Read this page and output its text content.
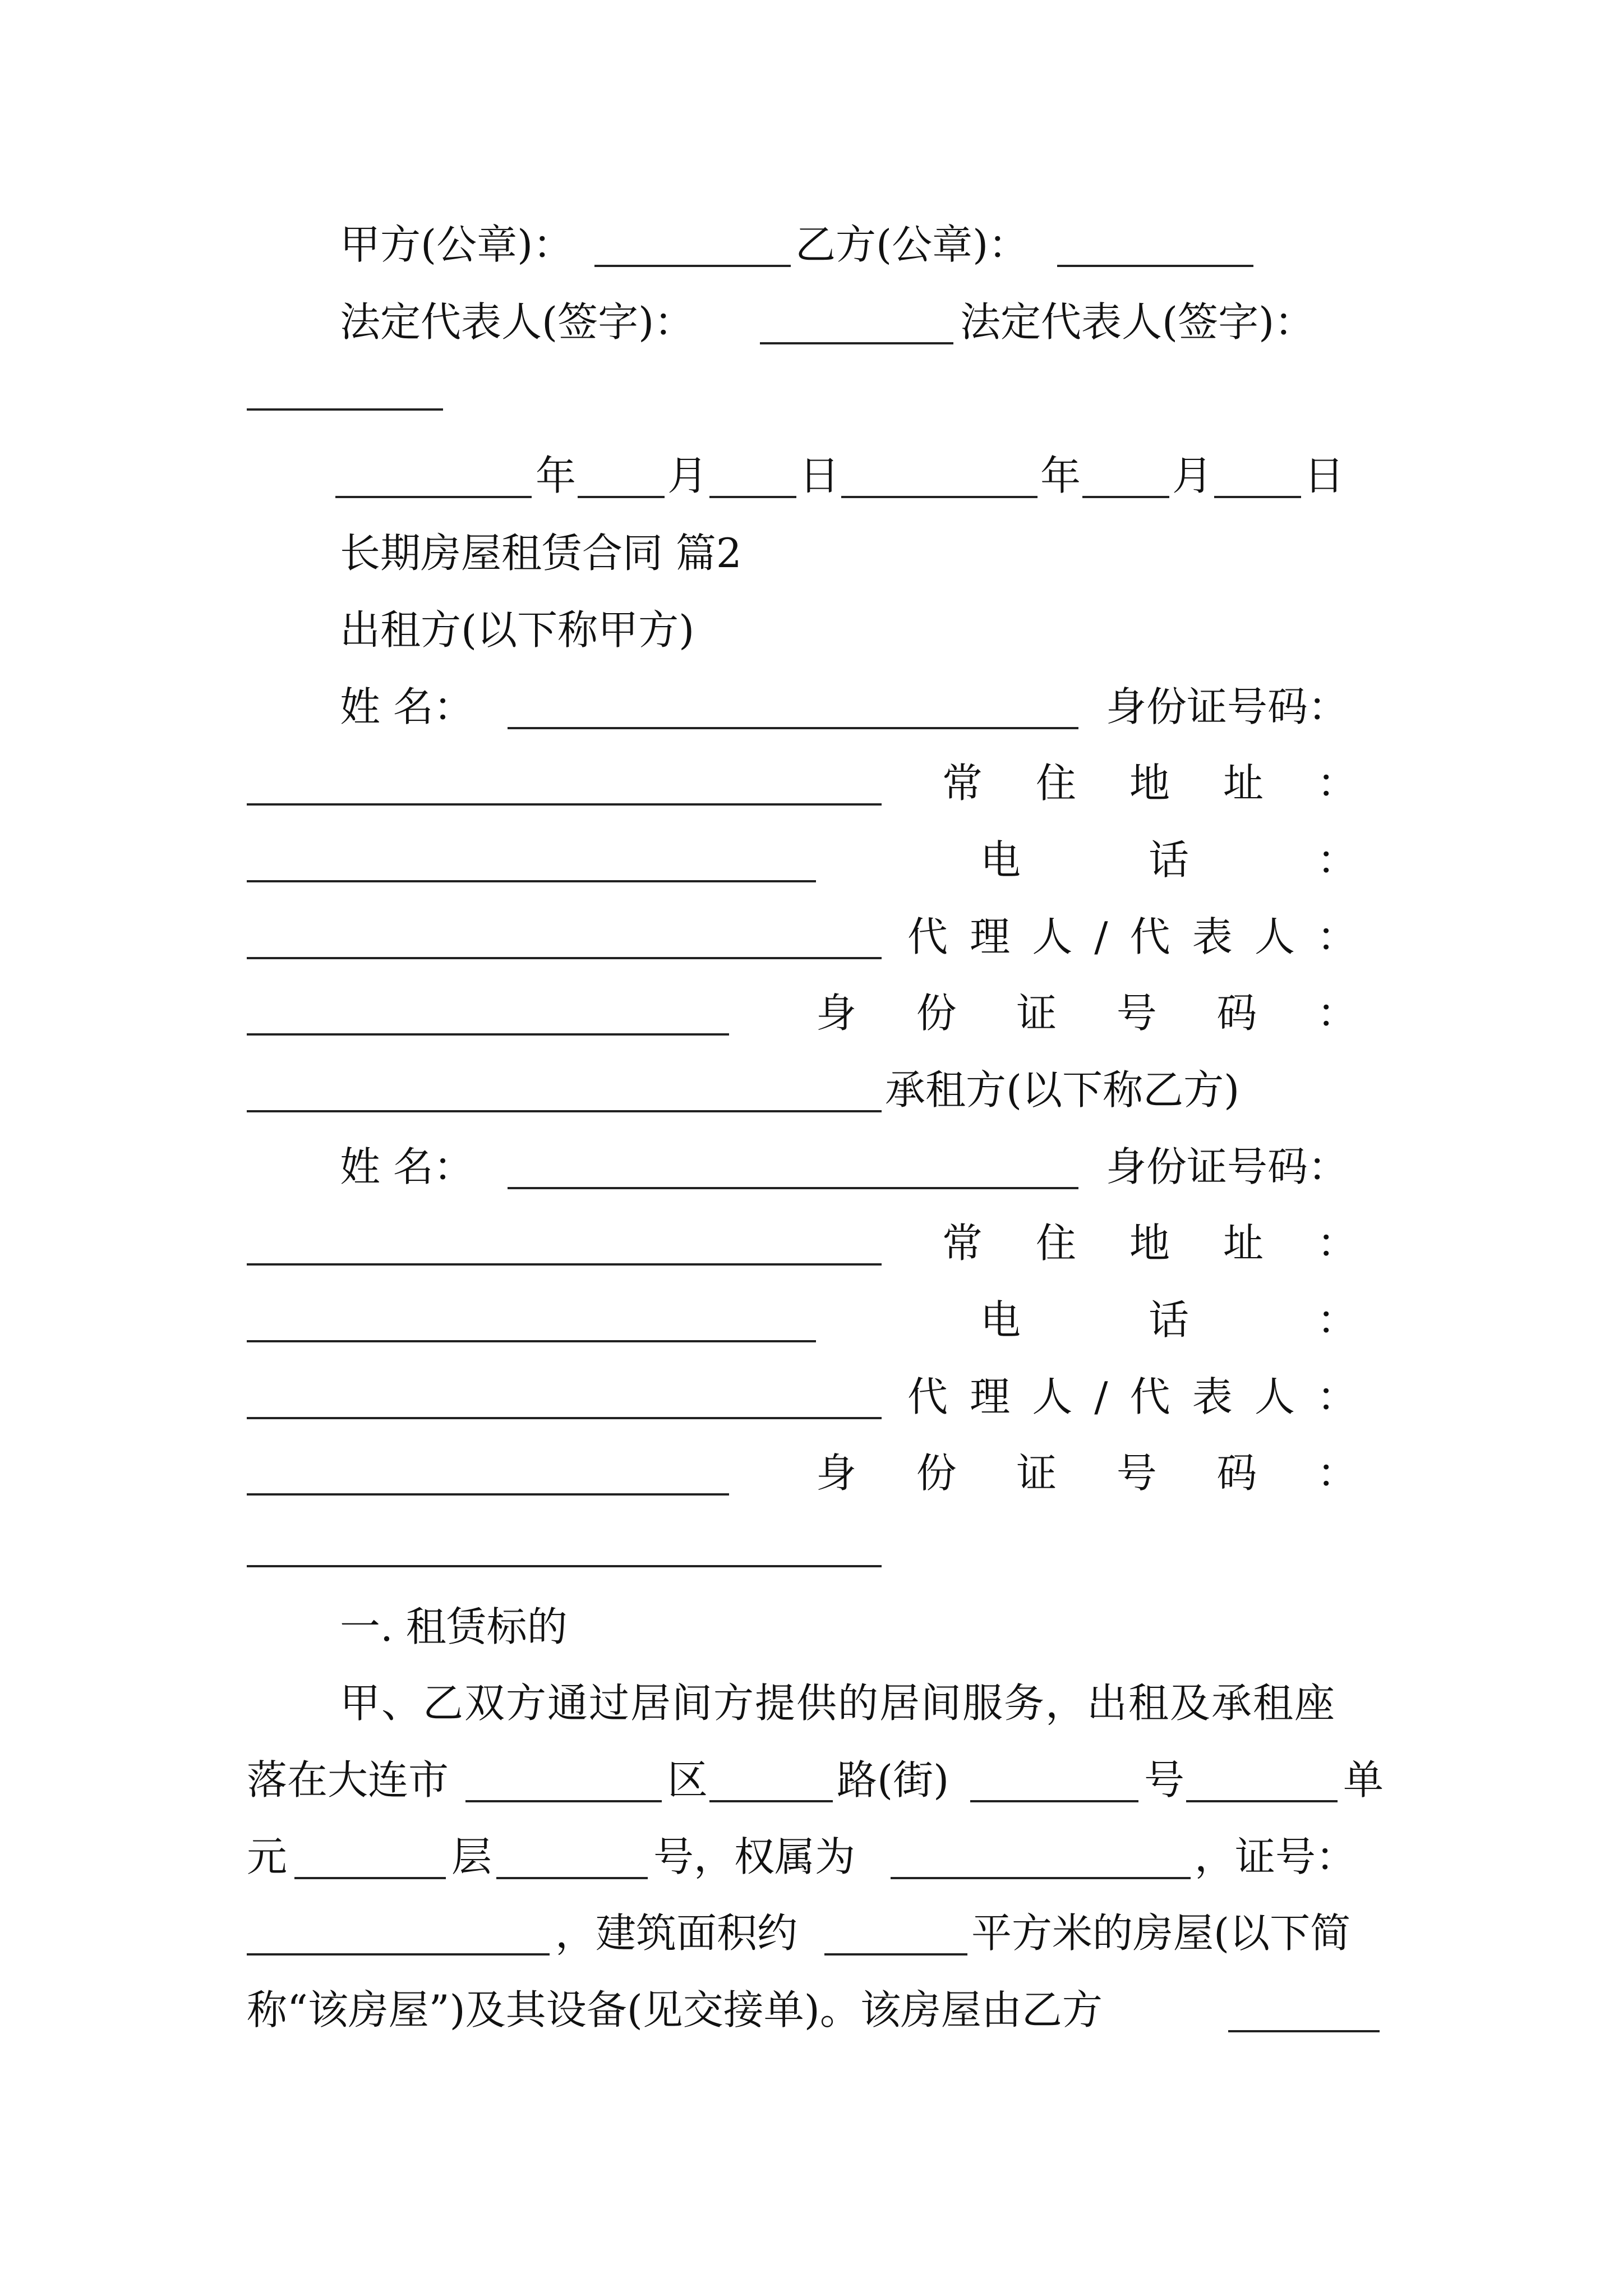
甲方(公章)：	乙方(公章)：
法定代表人(签字)：	法定代表人(签字)：
年 月 日	年 月 日
长期房屋租赁合同 篇2
出租方(以下称甲方)
姓 名：	身份证号码：
常 住 地 址 ：
电	话	：
代 理 人 / 代 表 人 ：
身 份 证 号 码 ：
承租方(以下称乙方)
姓 名：	身份证号码：
常 住 地 址 ：
电	话	：
代 理 人 / 代 表 人 ：
身 份 证 号 码 ：
一. 租赁标的
甲、乙双方通过居间方提供的居间服务，出租及承租座
落在大连市	区	路(街)	号	单
元	层	号，权属为	，证号：
，建筑面积约	平方米的房屋(以下简
称“该房屋”)及其设备(见交接单)。该房屋由乙方
